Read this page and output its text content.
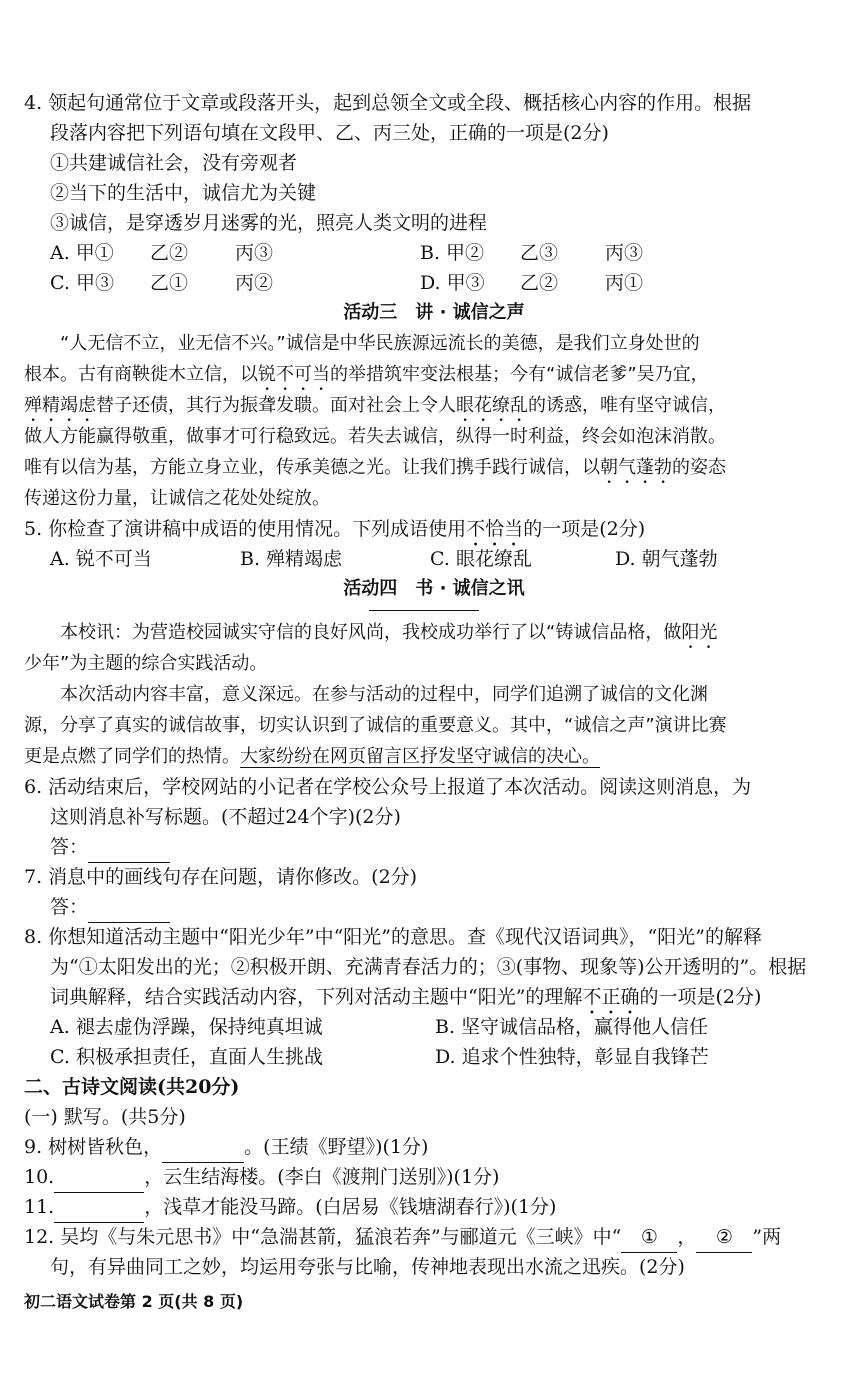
4. 领起句通常位于文章或段落开头，起到总领全文或全段、概括核心内容的作用。根据

段落内容把下列语句填在文段甲、乙、丙三处，正确的一项是(2分)

①共建诚信社会，没有旁观者

②当下的生活中，诚信尤为关键

③诚信，是穿透岁月迷雾的光，照亮人类文明的进程

A. 甲①	乙②	丙③	B. 甲②	乙③	丙③
C. 甲③	乙①	丙②	D. 甲③	乙②	丙①

活动三　讲 · 诚信之声

“人无信不立，业无信不兴。”诚信是中华民族源远流长的美德，是我们立身处世的

根本。古有商鞅徙木立信，以锐不可当的举措筑牢变法根基；今有“诚信老爹”吴乃宜，

殚精竭虑替子还债，其行为振聋发聩。面对社会上令人眼花缭乱的诱惑，唯有坚守诚信，

做人方能赢得敬重，做事才可行稳致远。若失去诚信，纵得一时利益，终会如泡沫消散。

唯有以信为基，方能立身立业，传承美德之光。让我们携手践行诚信，以朝气蓬勃的姿态

传递这份力量，让诚信之花处处绽放。

5. 你检查了演讲稿中成语的使用情况。下列成语使用不恰当的一项是(2分)

A. 锐不可当	B. 殚精竭虑	C. 眼花缭乱	D. 朝气蓬勃

活动四　书 · 诚信之讯

本校讯：为营造校园诚实守信的良好风尚，我校成功举行了以“铸诚信品格，做阳光

少年”为主题的综合实践活动。

本次活动内容丰富，意义深远。在参与活动的过程中，同学们追溯了诚信的文化渊

源，分享了真实的诚信故事，切实认识到了诚信的重要意义。其中，“诚信之声”演讲比赛

更是点燃了同学们的热情。大家纷纷在网页留言区抒发坚守诚信的决心。

6. 活动结束后，学校网站的小记者在学校公众号上报道了本次活动。阅读这则消息，为

这则消息补写标题。(不超过24个字)(2分)

答：

7. 消息中的画线句存在问题，请你修改。(2分)

答：

8. 你想知道活动主题中“阳光少年”中“阳光”的意思。查《现代汉语词典》，“阳光”的解释

为“①太阳发出的光；②积极开朗、充满青春活力的；③(事物、现象等)公开透明的”。根据

词典解释，结合实践活动内容，下列对活动主题中“阳光”的理解不正确的一项是(2分)

A. 褪去虚伪浮躁，保持纯真坦诚	B. 坚守诚信品格，赢得他人信任
C. 积极承担责任，直面人生挑战	D. 追求个性独特，彰显自我锋芒

二、古诗文阅读(共20分)

(一) 默写。(共5分)

9. 树树皆秋色，	。(王绩《野望》)(1分)

10.	，云生结海楼。(李白《渡荆门送别》)(1分)

11.	，浅草才能没马蹄。(白居易《钱塘湖春行》)(1分)

12. 吴均《与朱元思书》中“急湍甚箭，猛浪若奔”与郦道元《三峡》中“ ① ， ② ”两

句，有异曲同工之妙，均运用夸张与比喻，传神地表现出水流之迅疾。(2分)

初二语文试卷第 2 页(共 8 页)
